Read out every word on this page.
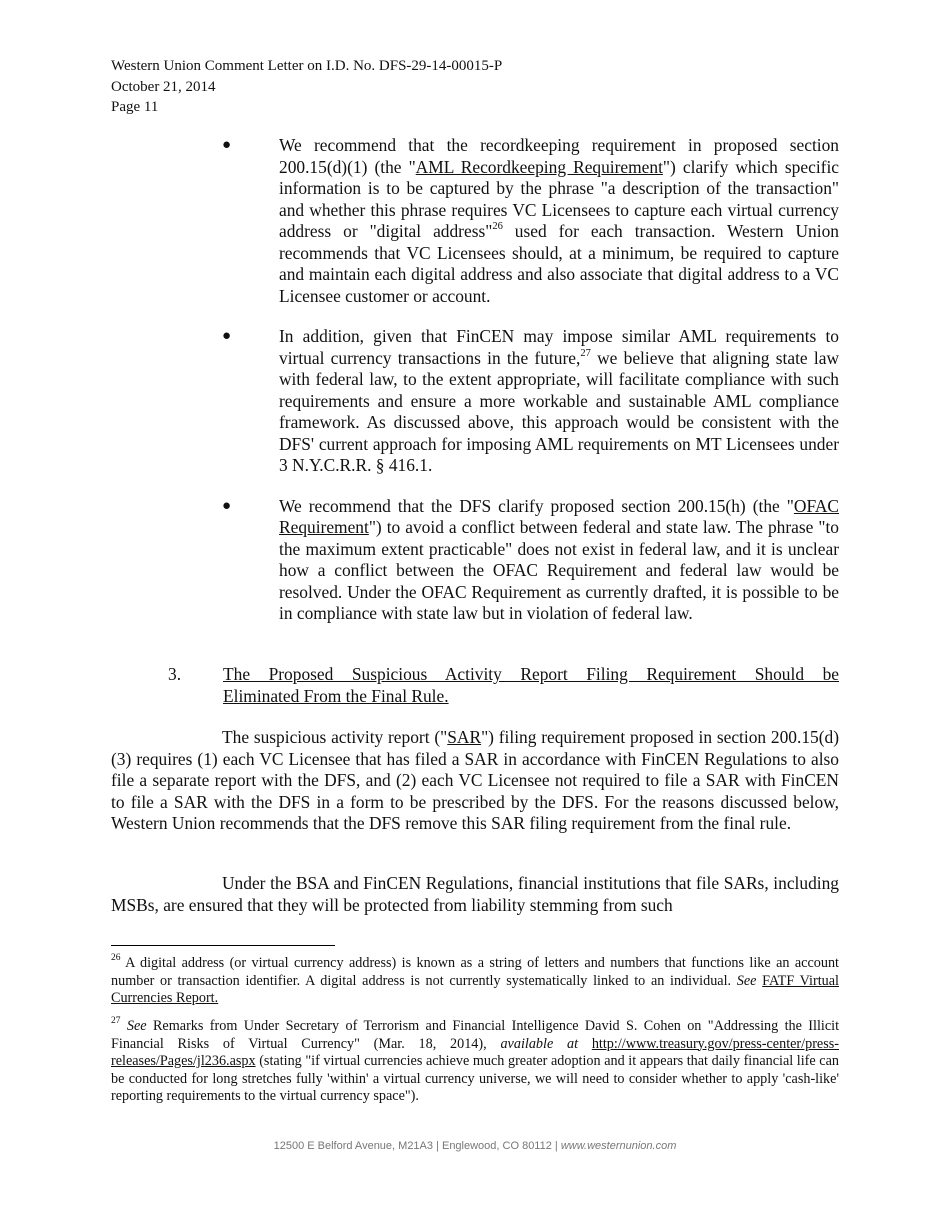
Western Union Comment Letter on I.D. No. DFS-29-14-00015-P
October 21, 2014
Page 11
●	We recommend that the recordkeeping requirement in proposed section 200.15(d)(1) (the "AML Recordkeeping Requirement") clarify which specific information is to be captured by the phrase "a description of the transaction" and whether this phrase requires VC Licensees to capture each virtual currency address or "digital address"$^{26}$ used for each transaction. Western Union recommends that VC Licensees should, at a minimum, be required to capture and maintain each digital address and also associate that digital address to a VC Licensee customer or account.
●	In addition, given that FinCEN may impose similar AML requirements to virtual currency transactions in the future,$^{27}$ we believe that aligning state law with federal law, to the extent appropriate, will facilitate compliance with such requirements and ensure a more workable and sustainable AML compliance framework. As discussed above, this approach would be consistent with the DFS' current approach for imposing AML requirements on MT Licensees under 3 N.Y.C.R.R. § 416.1.
●	We recommend that the DFS clarify proposed section 200.15(h) (the "OFAC Requirement") to avoid a conflict between federal and state law. The phrase "to the maximum extent practicable" does not exist in federal law, and it is unclear how a conflict between the OFAC Requirement and federal law would be resolved. Under the OFAC Requirement as currently drafted, it is possible to be in compliance with state law but in violation of federal law.
3.	The Proposed Suspicious Activity Report Filing Requirement Should be
Eliminated From the Final Rule.
The suspicious activity report ("SAR") filing requirement proposed in section 200.15(d)(3) requires (1) each VC Licensee that has filed a SAR in accordance with FinCEN Regulations to also file a separate report with the DFS, and (2) each VC Licensee not required to file a SAR with FinCEN to file a SAR with the DFS in a form to be prescribed by the DFS. For the reasons discussed below, Western Union recommends that the DFS remove this SAR filing requirement from the final rule.
Under the BSA and FinCEN Regulations, financial institutions that file SARs, including MSBs, are ensured that they will be protected from liability stemming from such
$^{26}$ A digital address (or virtual currency address) is known as a string of letters and numbers that functions like an account number or transaction identifier. A digital address is not currently systematically linked to an individual. See FATF Virtual Currencies Report.
$^{27}$ See Remarks from Under Secretary of Terrorism and Financial Intelligence David S. Cohen on "Addressing the Illicit Financial Risks of Virtual Currency" (Mar. 18, 2014), available at http://www.treasury.gov/press-center/press-releases/Pages/jl236.aspx (stating "if virtual currencies achieve much greater adoption and it appears that daily financial life can be conducted for long stretches fully 'within' a virtual currency universe, we will need to consider whether to apply 'cash-like' reporting requirements to the virtual currency space").
12500 E Belford Avenue, M21A3 | Englewood, CO 80112 | www.westernunion.com
